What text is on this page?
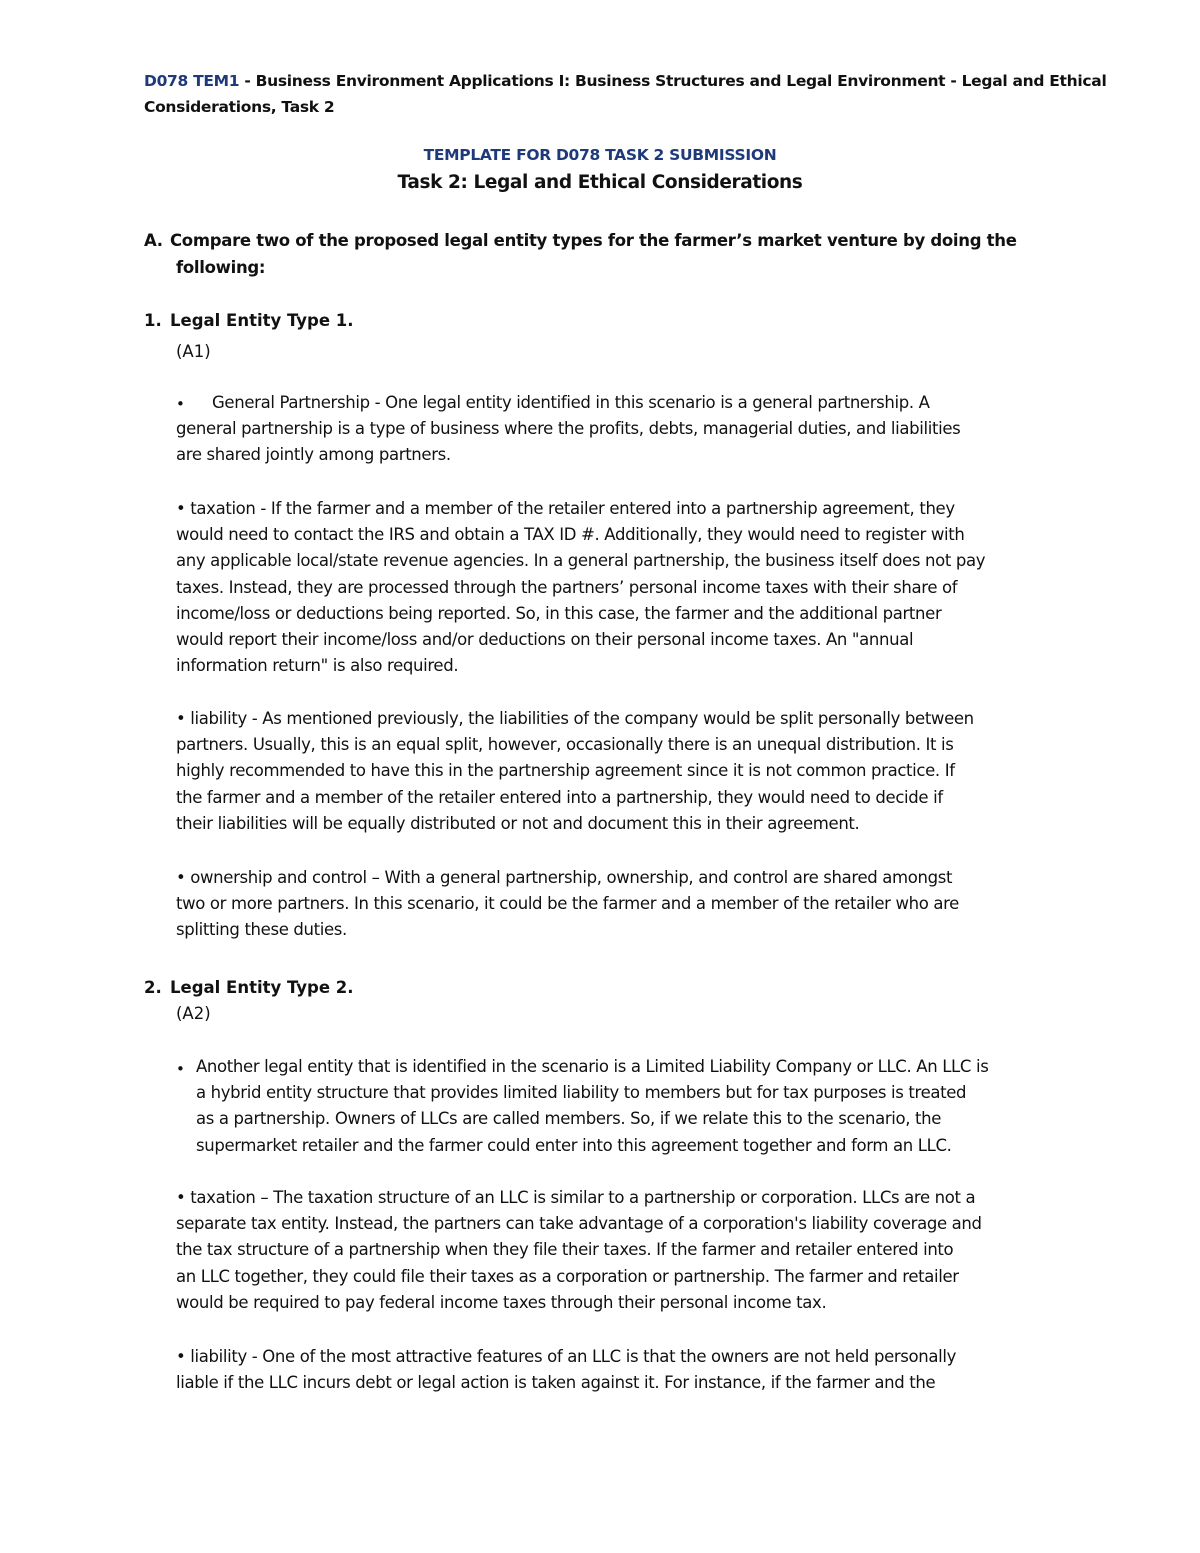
D078 TEM1 - Business Environment Applications I: Business Structures and Legal Environment - Legal and Ethical

Considerations, Task 2

TEMPLATE FOR D078 TASK 2 SUBMISSION

Task 2: Legal and Ethical Considerations

A. Compare two of the proposed legal entity types for the farmer’s market venture by doing the

following:

1. Legal Entity Type 1.

(A1)

•	General Partnership - One legal entity identified in this scenario is a general partnership. A
general partnership is a type of business where the profits, debts, managerial duties, and liabilities
are shared jointly among partners.
• taxation - If the farmer and a member of the retailer entered into a partnership agreement, they
would need to contact the IRS and obtain a TAX ID #. Additionally, they would need to register with
any applicable local/state revenue agencies. In a general partnership, the business itself does not pay
taxes. Instead, they are processed through the partners’ personal income taxes with their share of
income/loss or deductions being reported. So, in this case, the farmer and the additional partner
would report their income/loss and/or deductions on their personal income taxes. An "annual
information return" is also required.
• liability - As mentioned previously, the liabilities of the company would be split personally between
partners. Usually, this is an equal split, however, occasionally there is an unequal distribution. It is
highly recommended to have this in the partnership agreement since it is not common practice. If
the farmer and a member of the retailer entered into a partnership, they would need to decide if
their liabilities will be equally distributed or not and document this in their agreement.
• ownership and control – With a general partnership, ownership, and control are shared amongst
two or more partners. In this scenario, it could be the farmer and a member of the retailer who are
splitting these duties.

2. Legal Entity Type 2.

(A2)

• Another legal entity that is identified in the scenario is a Limited Liability Company or LLC. An LLC is
a hybrid entity structure that provides limited liability to members but for tax purposes is treated
as a partnership. Owners of LLCs are called members. So, if we relate this to the scenario, the
supermarket retailer and the farmer could enter into this agreement together and form an LLC.
• taxation – The taxation structure of an LLC is similar to a partnership or corporation. LLCs are not a
separate tax entity. Instead, the partners can take advantage of a corporation's liability coverage and
the tax structure of a partnership when they file their taxes. If the farmer and retailer entered into
an LLC together, they could file their taxes as a corporation or partnership. The farmer and retailer
would be required to pay federal income taxes through their personal income tax.
• liability - One of the most attractive features of an LLC is that the owners are not held personally
liable if the LLC incurs debt or legal action is taken against it. For instance, if the farmer and the
